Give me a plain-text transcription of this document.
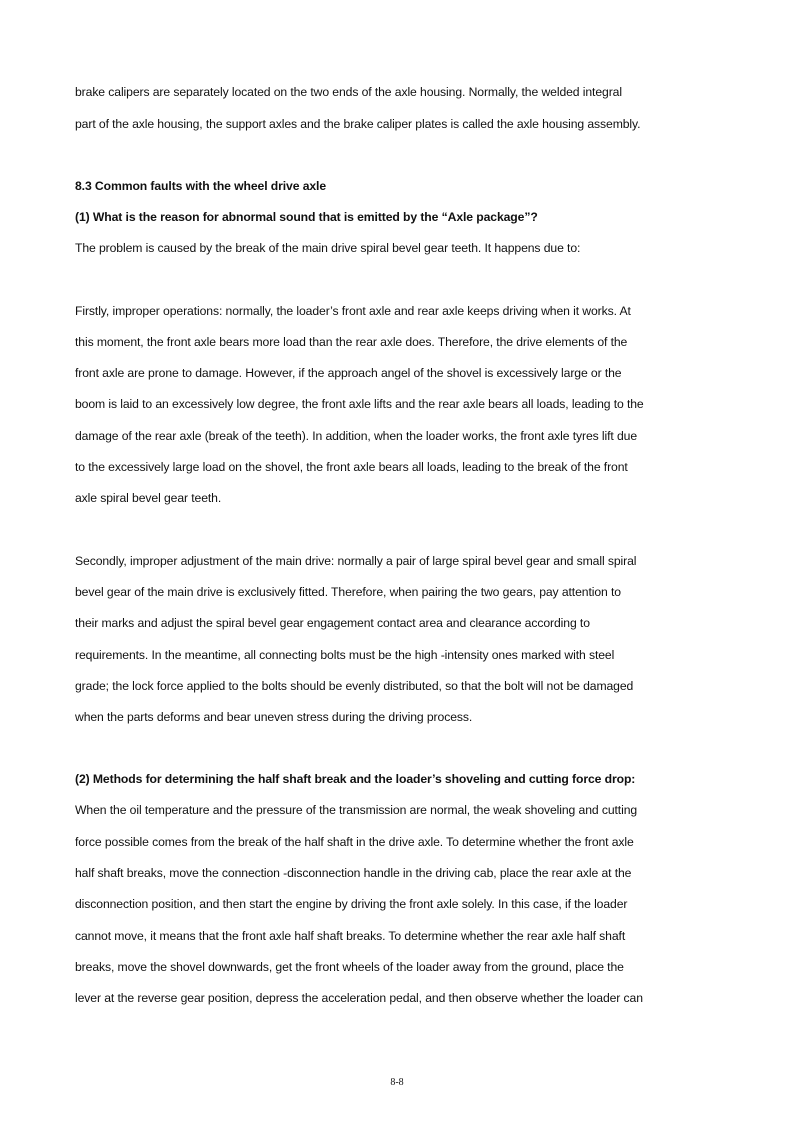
brake calipers are separately located on the two ends of the axle housing. Normally, the welded integral
part of the axle housing, the support axles and the brake caliper plates is called the axle housing assembly.
8.3 Common faults with the wheel drive axle
(1) What is the reason for abnormal sound that is emitted by the “Axle package”?
The problem is caused by the break of the main drive spiral bevel gear teeth. It happens due to:
Firstly, improper operations: normally, the loader’s front axle and rear axle keeps driving when it works. At
this moment, the front axle bears more load than the rear axle does. Therefore, the drive elements of the
front axle are prone to damage. However, if the approach angel of the shovel is excessively large or the
boom is laid to an excessively low degree, the front axle lifts and the rear axle bears all loads, leading to the
damage of the rear axle (break of the teeth). In addition, when the loader works, the front axle tyres lift due
to the excessively large load on the shovel, the front axle bears all loads, leading to the break of the front
axle spiral bevel gear teeth.
Secondly, improper adjustment of the main drive: normally a pair of large spiral bevel gear and small spiral
bevel gear of the main drive is exclusively fitted. Therefore, when pairing the two gears, pay attention to
their marks and adjust the spiral bevel gear engagement contact area and clearance according to
requirements. In the meantime, all connecting bolts must be the high -intensity ones marked with steel
grade; the lock force applied to the bolts should be evenly distributed, so that the bolt will not be damaged
when the parts deforms and bear uneven stress during the driving process.
(2) Methods for determining the half shaft break and the loader’s shoveling and cutting force drop:
When the oil temperature and the pressure of the transmission are normal, the weak shoveling and cutting
force possible comes from the break of the half shaft in the drive axle. To determine whether the front axle
half shaft breaks, move the connection -disconnection handle in the driving cab, place the rear axle at the
disconnection position, and then start the engine by driving the front axle solely. In this case, if the loader
cannot move, it means that the front axle half shaft breaks. To determine whether the rear axle half shaft
breaks, move the shovel downwards, get the front wheels of the loader away from the ground, place the
lever at the reverse gear position, depress the acceleration pedal, and then observe whether the loader can
8-8
